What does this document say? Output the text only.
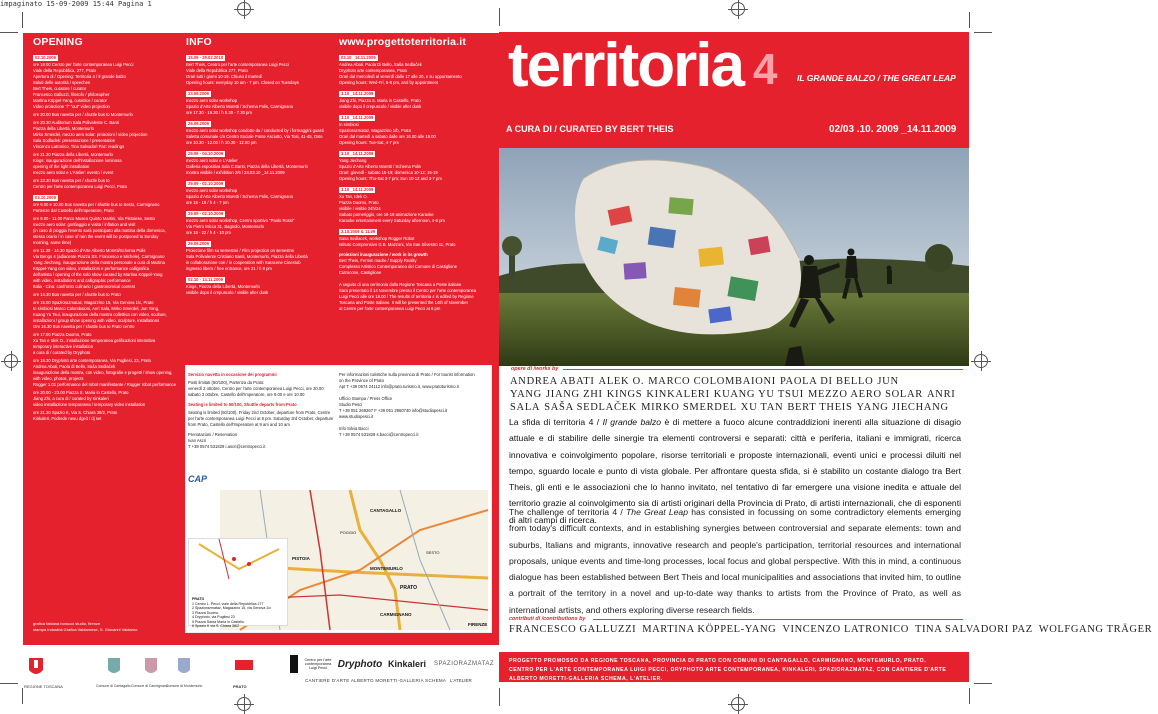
impaginato 15-09-2009 15:44 Pagina 1
OPENING	INFO	www.progettoterritoria.it
02.10.2009
ore 18.00 Centro per l'arte contemporanea Luigi Pecci
Viale della Repubblica, 277, Prato
Apertura di / Opening: Territoria 4 / Il grande balzo
Saluti delle autorità / speeches
Bert Theis, curatore / curator
Francesco Galluzzi, filosofo / philosopher
Martina Köppel-Yang, curatrice / curator
Video proiezione "/" "out" video projection
ore 20.00 Bus navetta per / shuttle bus to Montemurlo
ore 20.30 Auditorium Sala Polivalente C. Banti
Piazza della Libertà, Montemurlo
Mirko Smerdel, mezzo aero solar: proiezioni / video projection
Sala Sodladek: presentazione / presentation
Vincenzo Latronico, Tina Salvadori Paz: readings
ore 21.30 Piazza della Libertà, Montemurlo
Kings: inaugurazione dell'installazione luminosa
opening of the light installation
mezzo aero solar e L'Atelier: evento / event
ore 23.30 Bus navetta per / shuttle bus to
Centro per l'arte contemporanea Luigi Pecci, Prato
03.10.2009
ore 9.00 e 10.00 Bus navetta per / shuttle bus to Sesto, Carmignano
Partenze dal Castello dell'Imperatore, Prato
ore 9.00 - 11.00 Parco Museo Quinto Martini, Via Pistoiese, Sesto
mezzo aero solar: gonfiaggio e visita / inflation and visit
(in caso di pioggia l'evento sarà posticipato alla mattina della domenica,
stesso orario / in case of rain the event will be postponed to Sunday
morning, same time)
ore 11.30 - 14.30 Spazio d'Arte Alberto Moretti/Schema Polis
Via Bengo 4 (adiacente Piazza SS. Francesco e Michele), Carmignano
Yang Jiechang, inaugurazione della mostra personale a cura di Martina
Köppel-Yang con video, installazioni e performance calligrafica
dell'artista / opening of the solo show curated by Martina Köppel-Yang
with video, installations and calligraphic performance
Italia - Cina: confronto culinario / gastronomical contest
ore 14.30 Bus navetta per / shuttle bus to Prato
ore 15.00 Spaziorazmataz, Magazzino 15, Via Genova 1/c, Prato
In simbiosi Marco Colombaioni, Anri Sala, Mirko Smerdel, Jun Yang,
Kuang Yu Tsui, inaugurazione della mostra collettiva con video, sculture,
installazioni / group show opening with video, sculpture, installations
Ore 16.30 Bus navetta per / shuttle bus to Prato centro
ore 17.00 Piazza Duomo, Prato
Xu Tan e Idek O., installazione temporanea gelificazioni interattiva
temporary interactive installation
a cura di / curated by Dryphoto
ore 18.30 Dryphoto arte contemporanea, Via Pugliesi, 23, Prato
Andrea Abati, Paola di Bello, Saša Sedlaček
inaugurazione della mostra, con video, fotografie e progetti / show opening,
with video, photos, projects
Rogger 1.01 performance del robot manifestante / Rogger robot performance
ore 20.00 - 23.00 Piazza S. Maria in Castello, Prato
Jiang Zhi, a cura di / curated by Kinkaleri
video installazione temporanea / temporary video installation
ore 21.30 Spazio K, Via S. Chiara 38/2, Prato
Kinkaleri, Podrede neuu dgeit / dj set
grafica fabiana bonucci studio, firenze
stampa Industria Grafica Valdarnese, S. Giovanni Valdarno
15.09 - 29.02.2010
Bert Theis, Centro per l'arte contemporanea Luigi Pecci
Viale della Repubblica 277, Prato
Orari tutti i giorni 10-19. Chiuso il martedì
Opening hours: everyday 10 am - 7 pm. Closed on Tuesdays
23.09.2009
mezzo aero solar workshop
Spazio d'Arte Alberto Moretti / Schema Polis, Carmignano
ore 17.30 - 19.30 / h 5.30 - 7.30 pm
26.09.2009
mezzo aero solar workshop condotto da / conducted by i formaggini guasti
Saletta comunale c/o Centro Sociale Ponte Asciutto, Via Tosi, 41-45, Oste
ore 10.30 - 12.00 / h 10.30 - 12.00 pm
29.09 - 04.10.2009
mezzo aero solar e L'Atelier
Galleria espositiva Sala C.Banti, Piazza della Libertà, Montemurlo
mostra visibile / exhibition 2/6 / 24.03.10 _14.11.2009
29.09 - 02.10.2009
mezzo aero solar workshop
Spazio d'Arte Alberto Moretti / Schema Polis, Carmignano
ore 16 - 19 / h 4 - 7 pm
29.09 - 02.10.2009
mezzo aero solar workshop, Centro sportivo "Paolo Rossi"
Via Pietro Micca 31, Bagnolo, Montemurlo
ore 16 - 22 / h 4 - 10 pm
29.09.2009
Proiezione film su semestrei / Film projection on semestrei
Sala Polivalente Cristiano Banti, Montemurlo, Piazza della Libertà
in collaborazione con / in cooperation with Saracene Cinestub
ingresso libero / free entrance, ore 21 / h 9 pm
02.10 - 14.11.2009
Kings, Piazza della Libertà, Montemurlo
visibile dopo il crepuscolo / visible after dusk
03.10 _14.11.2009
Andrea Abati, Paola Di Bello, Saša Sedlaček
Dryphoto arte contemporanea, Prato
Orari dal mercoledì al venerdì dalle 17 alle 20, e su appuntamento
Opening hours: Wed-Fri, 5-8 pm, and by appointment
3.10 _14.11.2009
Jiang Zhi, Piazza S. Maria in Castello, Prato
visibile dopo il crepuscolo / visible after dusk
3.10 _14.11.2009
In simbiosi
Spaziorazmataz, Magazzino 1/b, Prato
Orari dal martedì a sabato dalle ore 16.00 alle 19.00
Opening hours: Tue-Sat, 4-7 pm
3.10 _14.11.2009
Yang Jiechang
Spazio d'Arte Alberto Moretti / Schema Polis
Orari: giovedì - sabato 15-19; domenica 10-12; 15-19
Opening hours: Thu-Sat 3-7 pm; Sun 10-12 and 3-7 pm
3.10 _14.11.2009
Xu Tan, Idek O.
Piazza Duomo, Prato
visibile / visible 24h/24
Sabato pomeriggio, ore 16-18 animazione Karaoke
Karaoke entertainment every Saturday afternoon, 4-6 pm
3.10.2009 & 11.09
Sasa Sedlacek, workshop Rogger Robot
Istituto Comprensivo G.B. Mazzoni, Via San Silvestro 11, Prato
proiezioni inaugurazione / work in its growth
Bert Theis, Fermin madre / Supply Reality
Complesso Artistico Contemporaneo del Comune di Castiglione
Cutrocone, Castiglione
A seguito di una cerimonia dalla Regione Toscana a Poste italiane
Sara presentato il 14 Novembre presso il Centro per l'arte contemporanea
Luigi Pecci alle ore 18.00 / The results of territoria 4 is edited by Regione
Toscana and Poste Italiane. It will be presented the 14th of November
at Centre per l'arte contemporanea Luigi Pecci at 6 pm
Servizio navetta in occasione dei programmi
Posti limitati (50/100), Partenza da Prato:
venerdì 2 ottobre, Centro per l'arte contemporanea Luigi Pecci, ore 20.00
sabato 3 ottobre, Castello dell'Imperatore, ore 9.00 e ore 10.00
Seating is limited to 50/100, Shuttle departs from Prato
Seating is limited (50/100). Friday 2nd October, departure from Prato, Centre
per l'arte contemporanea Luigi Pecci at 8 pm. Saturday 3rd October, departure
from Prato, Castello dell'Imperatore at 9 am and 10 am
Prenotazioni / Reservation
Ivan Ascri
T +39 0574 531829 i.ascri@centropecci.it
Per informazioni turistiche sulla provincia di Prato / For tourist information
on the Province of Prato
Apt T +39 0574 24112 info@prato.turismo.it, www.pratoturismo.it
Ufficio Stampa / Press Office
Studio Pesci
T +39 051 269267 F +39 051 2960740 info@studiopesci.it
www.studiopesci.it
Info Silvia Bacci
T +39 0574 531829 s.bacci@centropecci.it
CAP
CANTAGALLO
PISTOIA
MONTEMURLO
PRATO
CARMIGNANO
FIRENZE
POGGIO
SESTO
PRATO
1 Centro L. Pecci, viale della Repubblica 277
2 Spaziorazmataz, Magazzino 15, via Genova 1/c
3 Piazza Duomo
4 Dryphoto, via Pugliesi 23
5 Piazza Santa Maria in Castello
6 Spazio K via S. Chiara 38/2
REGIONE TOSCANA	Comune di Cantagallo Comune di Carmignano
Comune di Montemurlo	PRATO
Centro per l'arte contemporanea Luigi Pecci	Dryphoto Kinkaleri	SPAZIORAZMATAZ
CANTIERE D'ARTE ALBERTO MORETTI-GALLERIA SCHEMA L'ATELIER
territoria 4 IL GRANDE BALZO / THE GREAT LEAP
A CURA DI / CURATED BY BERT THEIS	02/03 .10. 2009 _14.11.2009
opere di /works by
ANDREA ABATI ALEK O. MARCO COLOMBAIONI PAOLA DI BELLO JUN YANG JIANG ZHI KINGS KINKALERI KUANG YU TSUI MEZZO AERO SOLAR ANRI SALA SAŠA SEDLAČEK MIRKO SMERDEL XU TAN BERT THEIS YANG JIECHANG
La sfida di territoria 4 / Il grande balzo è di mettere a fuoco alcune contraddizioni inerenti alla situazione di disagio attuale e di stabilire delle sinergie tra elementi controversi e separati: città e periferia, italiani e immigrati, ricerca innovativa e coinvolgimento popolare, risorse territoriali e proposte internazionali, eventi unici e processi diluiti nel tempo, sguardo locale e punto di vista globale. Per affrontare questa sfida, si è stabilito un costante dialogo tra Bert Theis, gli enti e le associazioni che lo hanno invitato, nel tentativo di far emergere una visione inedita e attuale del territorio grazie al coinvolgimento sia di artisti originari della Provincia di Prato, di artisti internazionali, che di esponenti di altri campi di ricerca.
The challenge of territoria 4 / The Great Leap has consisted in focussing on some contradictory elements emerging from today's difficult contexts, and in establishing synergies between controversial and separate elements: town and suburbs, Italians and migrants, innovative research and people's participation, territorial resources and international proposals, unique events and time-long processes, local focus and global perspective. With this in mind, a continuous dialogue has been established between Bert Theis and local municipalities and associations that invited him, to outline a portrait of the territory in a novel and up-to-date way thanks to artists from the Province of Prato, as well as international artists, and others exploring diverse research fields.
contributi di /contributions by
FRANCESCO GALLUZZI MARTINA KÖPPEL-YANG VINCENZO LATRONICO TINA SALVADORI PAZ WOLFGANG TRÄGER
PROGETTO PROMOSSO DA REGIONE TOSCANA, PROVINCIA DI PRATO CON COMUNI DI CANTAGALLO, CARMIGNANO, MONTEMURLO, PRATO.
CENTRO PER L'ARTE CONTEMPORANEA LUIGI PECCI, DRYPHOTO ARTE CONTEMPORANEA, KINKALERI, SPAZIORAZMATAZ, CON CANTIERE D'ARTE ALBERTO MORETTI-GALLERIA SCHEMA, L'ATELIER.
